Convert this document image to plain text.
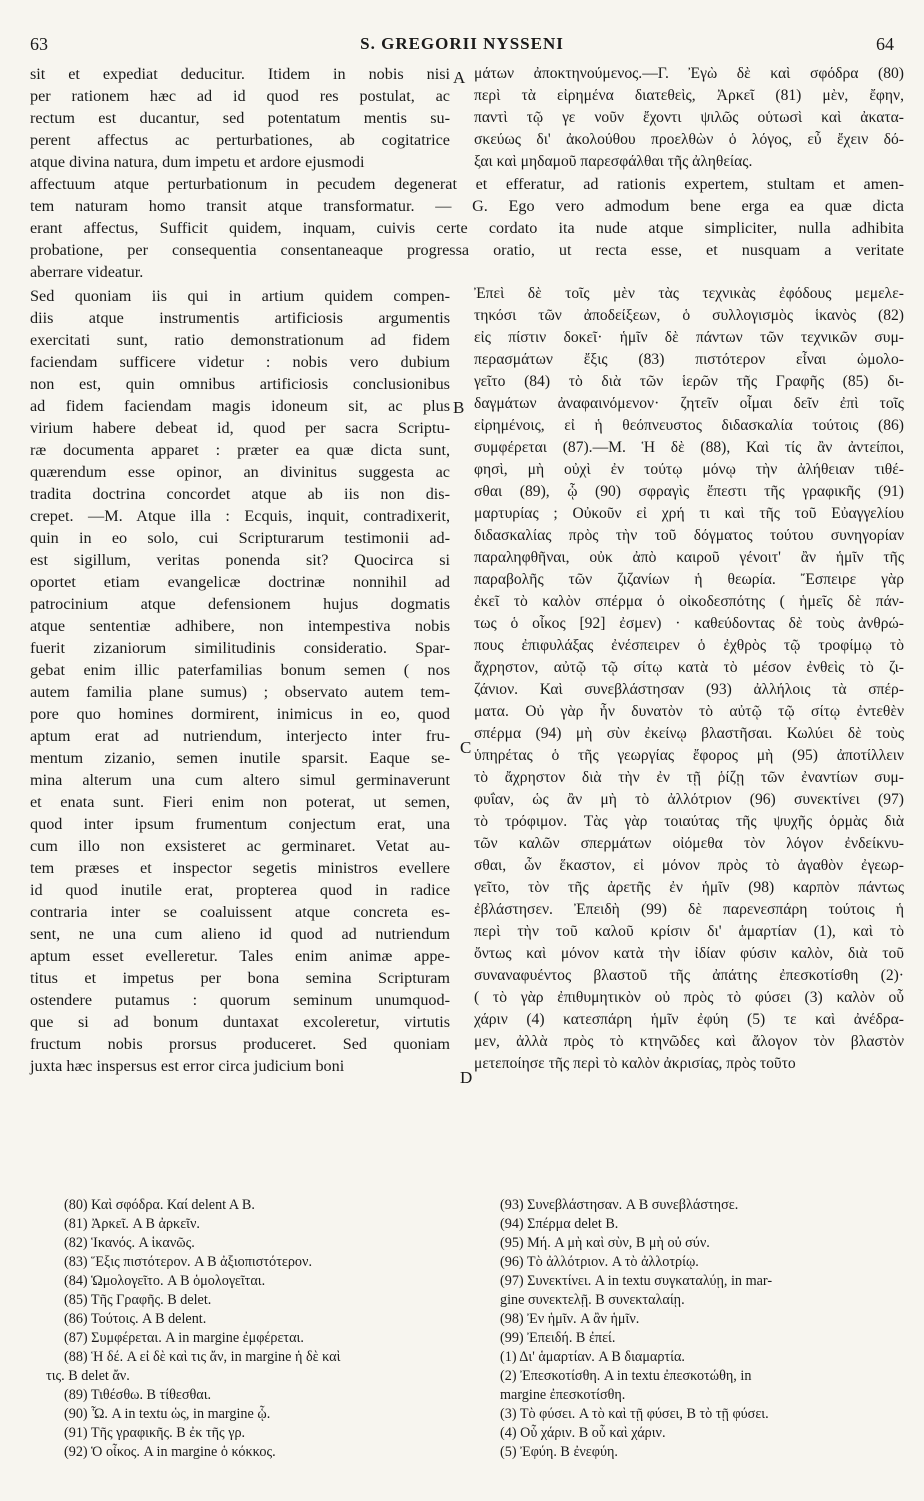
63	S. GREGORII NYSSENI	64
sit et expediat deducitur. Itidem in nobis nisi
per rationem hæc ad id quod res postulat, ac
rectum est ducantur, sed potentatum mentis su-
perent affectus ac perturbationes, ab cogitatrice
atque divina natura, dum impetu et ardore ejusmodi
μάτων ἀποκτηνούμενος.—Γ. Ἐγὼ δὲ καὶ σφόδρα (80)
περὶ τὰ εἰρημένα διατεθεὶς, Ἀρκεῖ (81) μὲν, ἔφην,
παντὶ τῷ γε νοῦν ἔχοντι ψιλῶς οὑτωσὶ καὶ ἀκατα-
σκεύως δι' ἀκολούθου προελθὼν ὁ λόγος, εὖ ἔχειν δό-
ξαι καὶ μηδαμοῦ παρεσφάλθαι τῆς ἀληθείας.
affectuum atque perturbationum in pecudem degenerat et efferatur, ad rationis expertem, stultam et amen-
tem naturam homo transit atque transformatur. — G. Ego vero admodum bene erga ea quæ dicta
erant affectus, Sufficit quidem, inquam, cuivis certe cordato ita nude atque simpliciter, nulla adhibita
probatione, per consequentia consentaneaque progressa oratio, ut recta esse, et nusquam a veritate
aberrare videatur.
Sed quoniam iis qui in artium quidem compen-
diis atque instrumentis artificiosis argumentis
exercitati sunt, ratio demonstrationum ad fidem
faciendam sufficere videtur : nobis vero dubium
non est, quin omnibus artificiosis conclusionibus
ad fidem faciendam magis idoneum sit, ac plus
virium habere debeat id, quod per sacra Scriptu-
ræ documenta apparet : præter ea quæ dicta sunt,
quærendum esse opinor, an divinitus suggesta ac
tradita doctrina concordet atque ab iis non dis-
crepet. —M. Atque illa : Ecquis, inquit, contradixerit,
quin in eo solo, cui Scripturarum testimonii ad-
est sigillum, veritas ponenda sit? Quocirca si
oportet etiam evangelicæ doctrinæ nonnihil ad
patrocinium atque defensionem hujus dogmatis
atque sententiæ adhibere, non intempestiva nobis
fuerit zizaniorum similitudinis consideratio. Spar-
gebat enim illic paterfamilias bonum semen ( nos
autem familia plane sumus) ; observato autem tem-
pore quo homines dormirent, inimicus in eo, quod
aptum erat ad nutriendum, interjecto inter fru-
mentum zizanio, semen inutile sparsit. Eaque se-
mina alterum una cum altero simul germinaverunt
et enata sunt. Fieri enim non poterat, ut semen,
quod inter ipsum frumentum conjectum erat, una
cum illo non exsisteret ac germinaret. Vetat au-
tem præses et inspector segetis ministros evellere
id quod inutile erat, propterea quod in radice
contraria inter se coaluissent atque concreta es-
sent, ne una cum alieno id quod ad nutriendum
aptum esset evelleretur. Tales enim animæ appe-
titus et impetus per bona semina Scripturam
ostendere putamus : quorum seminum unumquod-
que si ad bonum duntaxat excoleretur, virtutis
fructum nobis prorsus produceret. Sed quoniam
juxta hæc inspersus est error circa judicium boni
Ἐπεὶ δὲ τοῖς μὲν τὰς τεχνικὰς ἐφόδους μεμελε-
τηκόσι τῶν ἀποδείξεων, ὁ συλλογισμὸς ἱκανὸς (82)
εἰς πίστιν δοκεῖ· ἡμῖν δὲ πάντων τῶν τεχνικῶν συμ-
περασμάτων ἔξις (83) πιστότερον εἶναι ὡμολο-
γεῖτο (84) τὸ διὰ τῶν ἱερῶν τῆς Γραφῆς (85) δι-
δαγμάτων ἀναφαινόμενον· ζητεῖν οἶμαι δεῖν ἐπὶ τοῖς
εἰρημένοις, εἰ ἡ θεόπνευστος διδασκαλία τούτοις (86)
συμφέρεται (87).—Μ. Ἡ δὲ (88), Καὶ τίς ἂν ἀντείποι,
φησὶ, μὴ οὐχὶ ἐν τούτῳ μόνῳ τὴν ἀλήθειαν τιθέ-
σθαι (89), ᾧ (90) σφραγὶς ἔπεστι τῆς γραφικῆς (91)
μαρτυρίας ; Οὐκοῦν εἰ χρή τι καὶ τῆς τοῦ Εὐαγγελίου
διδασκαλίας πρὸς τὴν τοῦ δόγματος τούτου συνηγορίαν
παραληφθῆναι, οὐκ ἀπὸ καιροῦ γένοιτ' ἂν ἡμῖν τῆς
παραβολῆς τῶν ζιζανίων ἡ θεωρία. Ἔσπειρε γὰρ
ἐκεῖ τὸ καλὸν σπέρμα ὁ οἰκοδεσπότης ( ἡμεῖς δὲ πάν-
τως ὁ οἶκος [92] ἐσμεν) · καθεύδοντας δὲ τοὺς ἀνθρώ-
πους ἐπιφυλάξας ἐνέσπειρεν ὁ ἐχθρὸς τῷ τροφίμῳ τὸ
ἄχρηστον, αὐτῷ τῷ σίτῳ κατὰ τὸ μέσον ἐνθεὶς τὸ ζι-
ζάνιον. Καὶ συνεβλάστησαν (93) ἀλλήλοις τὰ σπέρ-
ματα. Οὐ γὰρ ἦν δυνατὸν τὸ αὐτῷ τῷ σίτῳ ἐντεθὲν
σπέρμα (94) μὴ σὺν ἐκείνῳ βλαστῆσαι. Κωλύει δὲ τοὺς
ὑπηρέτας ὁ τῆς γεωργίας ἔφορος μὴ (95) ἀποτίλλειν
τὸ ἄχρηστον διὰ τὴν ἐν τῇ ῥίζῃ τῶν ἐναντίων συμ-
φυΐαν, ὡς ἂν μὴ τὸ ἀλλότριον (96) συνεκτίνει (97)
τὸ τρόφιμον. Τὰς γὰρ τοιαύτας τῆς ψυχῆς ὁρμὰς διὰ
τῶν καλῶν σπερμάτων οἰόμεθα τὸν λόγον ἐνδείκνυ-
σθαι, ὧν ἕκαστον, εἰ μόνον πρὸς τὸ ἀγαθὸν ἐγεωρ-
γεῖτο, τὸν τῆς ἀρετῆς ἐν ἡμῖν (98) καρπὸν πάντως
ἐβλάστησεν. Ἐπειδὴ (99) δὲ παρενεσπάρη τούτοις ἡ
περὶ τὴν τοῦ καλοῦ κρίσιν δι' ἁμαρτίαν (1), καὶ τὸ
ὄντως καὶ μόνον κατὰ τὴν ἰδίαν φύσιν καλὸν, διὰ τοῦ
συναναφυέντος βλαστοῦ τῆς ἀπάτης ἐπεσκοτίσθη (2)·
( τὸ γὰρ ἐπιθυμητικὸν οὐ πρὸς τὸ φύσει (3) καλὸν οὗ
χάριν (4) κατεσπάρη ἡμῖν ἐφύη (5) τε καὶ ἀνέδρα-
μεν, ἀλλὰ πρὸς τὸ κτηνῶδες καὶ ἄλογον τὸν βλαστὸν
μετεποίησε τῆς περὶ τὸ καλὸν ἀκρισίας, πρὸς τοῦτο
A
B
C
D
(80) Καὶ σφόδρα. Καί delent A B.
(81) Ἀρκεῖ. A B ἀρκεῖν.
(82) Ἱκανός. A ἱκανῶς.
(83) Ἕξις πιστότερον. A B ἀξιοπιστότερον.
(84) Ὡμολογεῖτο. A B ὁμολογεῖται.
(85) Τῆς Γραφῆς. B delet.
(86) Τούτοις. A B delent.
(87) Συμφέρεται. A in margine ἐμφέρεται.
(88) Ἡ δέ. A εἰ δὲ καὶ τις ἄν, in margine ἡ δὲ καὶ
τις. B delet ἄν.
(89) Τιθέσθω. B τίθεσθαι.
(90) Ὧ. A in textu ὡς, in margine ᾧ.
(91) Τῆς γραφικῆς. B ἐκ τῆς γρ.
(92) Ὁ οἶκος. A in margine ὁ κόκκος.
(93) Συνεβλάστησαν. A B συνεβλάστησε.
(94) Σπέρμα delet B.
(95) Μή. A μὴ καὶ σὺν, B μὴ οὐ σύν.
(96) Τὸ ἀλλότριον. A τὸ ἀλλοτρίῳ.
(97) Συνεκτίνει. A in textu συγκαταλύῃ, in mar-
gine συνεκτελῇ. B συνεκταλαίῃ.
(98) Ἐν ἡμῖν. A ἂν ἡμῖν.
(99) Ἐπειδή. B ἐπεί.
(1) Δι' ἁμαρτίαν. A B διαμαρτία.
(2) Ἐπεσκοτίσθη. A in textu ἐπεσκοτώθη, in
margine ἐπεσκοτίσθη.
(3) Τὸ φύσει. A τὸ καὶ τῇ φύσει, B τὸ τῇ φύσει.
(4) Οὗ χάριν. B οὗ καὶ χάριν.
(5) Ἐφύη. B ἐνεφύη.
